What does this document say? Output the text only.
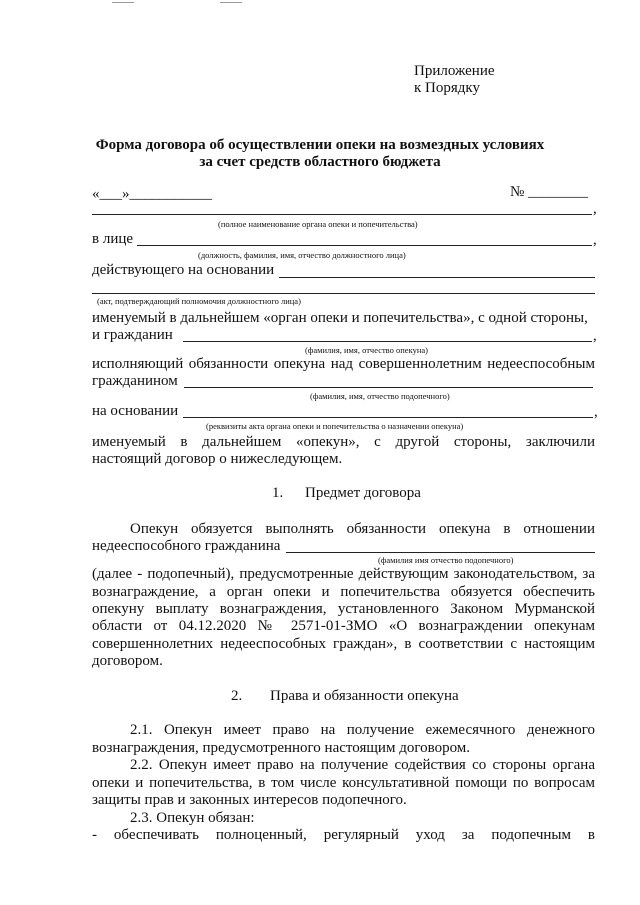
Приложение
к Порядку
Форма договора об осуществлении опеки на возмездных условиях
за счет средств областного бюджета
«___»___________	№ ________
,
(полное наименование органа опеки и попечительства)
в лице	,
(должность, фамилия, имя, отчество должностного лица)
действующего на основании
(акт, подтверждающий полномочия должностного лица)
именуемый в дальнейшем «орган опеки и попечительства», с одной стороны,
и гражданин	,
(фамилия, имя, отчество опекуна)
исполняющий обязанности опекуна над совершеннолетним недееспособным
гражданином
(фамилия, имя, отчество подопечного)
на основании	,
(реквизиты акта органа опеки и попечительства о назначении опекуна)
именуемый в дальнейшем «опекун», с другой стороны, заключили
настоящий договор о нижеследующем.
1. Предмет договора
Опекун обязуется выполнять обязанности опекуна в отношении
недееспособного гражданина
(фамилия имя отчество подопечного)
(далее - подопечный), предусмотренные действующим законодательством, за
вознаграждение, а орган опеки и попечительства обязуется обеспечить
опекуну выплату вознаграждения, установленного Законом Мурманской
области от 04.12.2020 № 2571-01-ЗМО «О вознаграждении опекунам
совершеннолетних недееспособных граждан», в соответствии с настоящим
договором.
2. Права и обязанности опекуна
2.1. Опекун имеет право на получение ежемесячного денежного
вознаграждения, предусмотренного настоящим договором.
2.2. Опекун имеет право на получение содействия со стороны органа
опеки и попечительства, в том числе консультативной помощи по вопросам
защиты прав и законных интересов подопечного.
2.3. Опекун обязан:
- обеспечивать полноценный, регулярный уход за подопечным в
